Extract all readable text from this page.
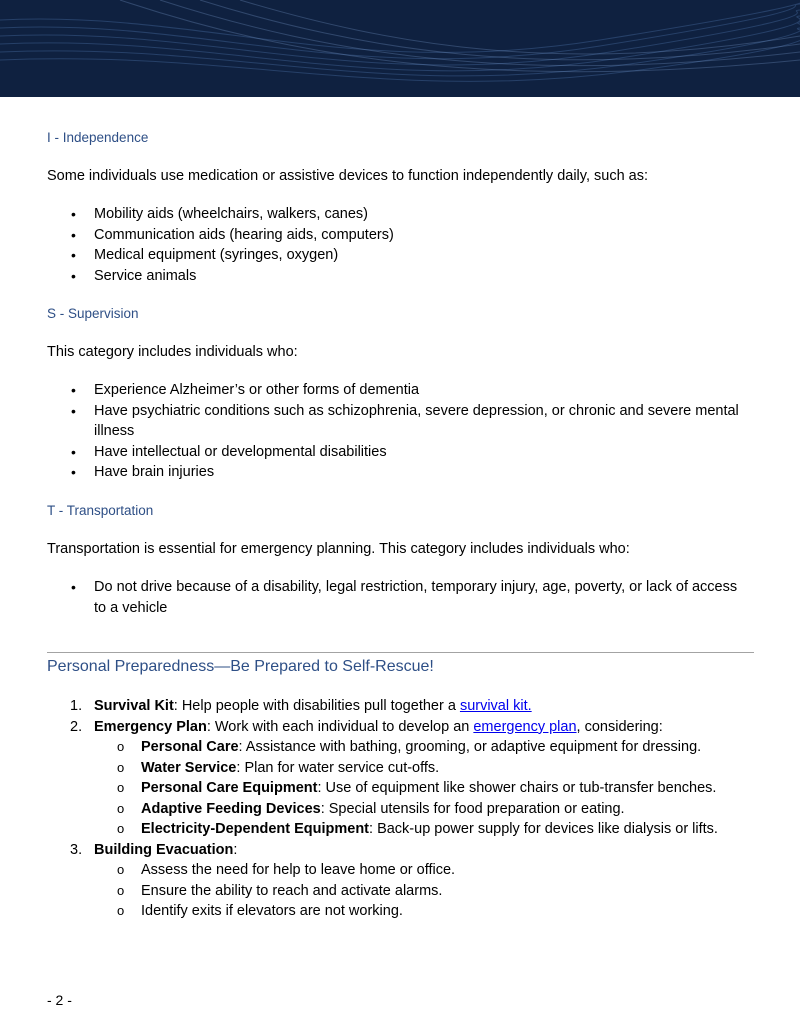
I - Independence
Some individuals use medication or assistive devices to function independently daily, such as:
• Mobility aids (wheelchairs, walkers, canes)
• Communication aids (hearing aids, computers)
• Medical equipment (syringes, oxygen)
• Service animals
S - Supervision
This category includes individuals who:
• Experience Alzheimer’s or other forms of dementia
• Have psychiatric conditions such as schizophrenia, severe depression, or chronic and severe mental illness
• Have intellectual or developmental disabilities
• Have brain injuries
T - Transportation
Transportation is essential for emergency planning. This category includes individuals who:
• Do not drive because of a disability, legal restriction, temporary injury, age, poverty, or lack of access to a vehicle
Personal Preparedness—Be Prepared to Self-Rescue!
1. Survival Kit: Help people with disabilities pull together a survival kit.
2. Emergency Plan: Work with each individual to develop an emergency plan, considering:
o Personal Care: Assistance with bathing, grooming, or adaptive equipment for dressing.
o Water Service: Plan for water service cut-offs.
o Personal Care Equipment: Use of equipment like shower chairs or tub-transfer benches.
o Adaptive Feeding Devices: Special utensils for food preparation or eating.
o Electricity-Dependent Equipment: Back-up power supply for devices like dialysis or lifts.
3. Building Evacuation:
o Assess the need for help to leave home or office.
o Ensure the ability to reach and activate alarms.
o Identify exits if elevators are not working.
- 2 -
